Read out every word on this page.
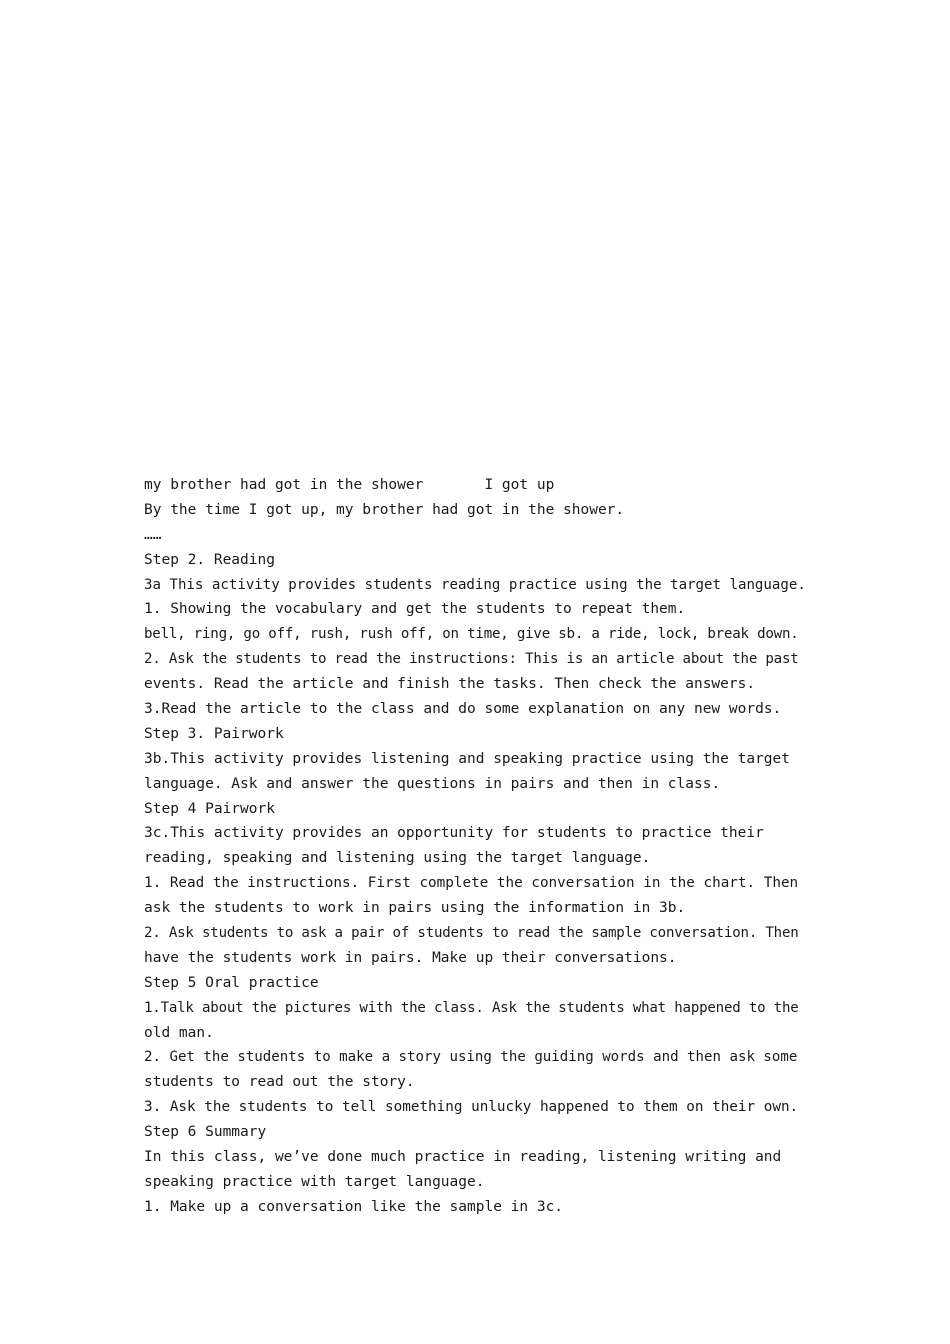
my brother had got in the shower       I got up
By the time I got up, my brother had got in the shower.
……
Step 2. Reading
3a This activity provides students reading practice using the target language.
1. Showing the vocabulary and get the students to repeat them.
bell, ring, go off, rush, rush off, on time, give sb. a ride, lock, break down.
2. Ask the students to read the instructions: This is an article about the past
events. Read the article and finish the tasks. Then check the answers.
3.Read the article to the class and do some explanation on any new words.
Step 3. Pairwork
3b.This activity provides listening and speaking practice using the target
language. Ask and answer the questions in pairs and then in class.
Step 4 Pairwork
3c.This activity provides an opportunity for students to practice their
reading, speaking and listening using the target language.
1. Read the instructions. First complete the conversation in the chart. Then
ask the students to work in pairs using the information in 3b.
2. Ask students to ask a pair of students to read the sample conversation. Then
have the students work in pairs. Make up their conversations.
Step 5 Oral practice
1.Talk about the pictures with the class. Ask the students what happened to the
old man.
2. Get the students to make a story using the guiding words and then ask some
students to read out the story.
3. Ask the students to tell something unlucky happened to them on their own.
Step 6 Summary
In this class, we’ve done much practice in reading, listening writing and
speaking practice with target language.
1. Make up a conversation like the sample in 3c.
